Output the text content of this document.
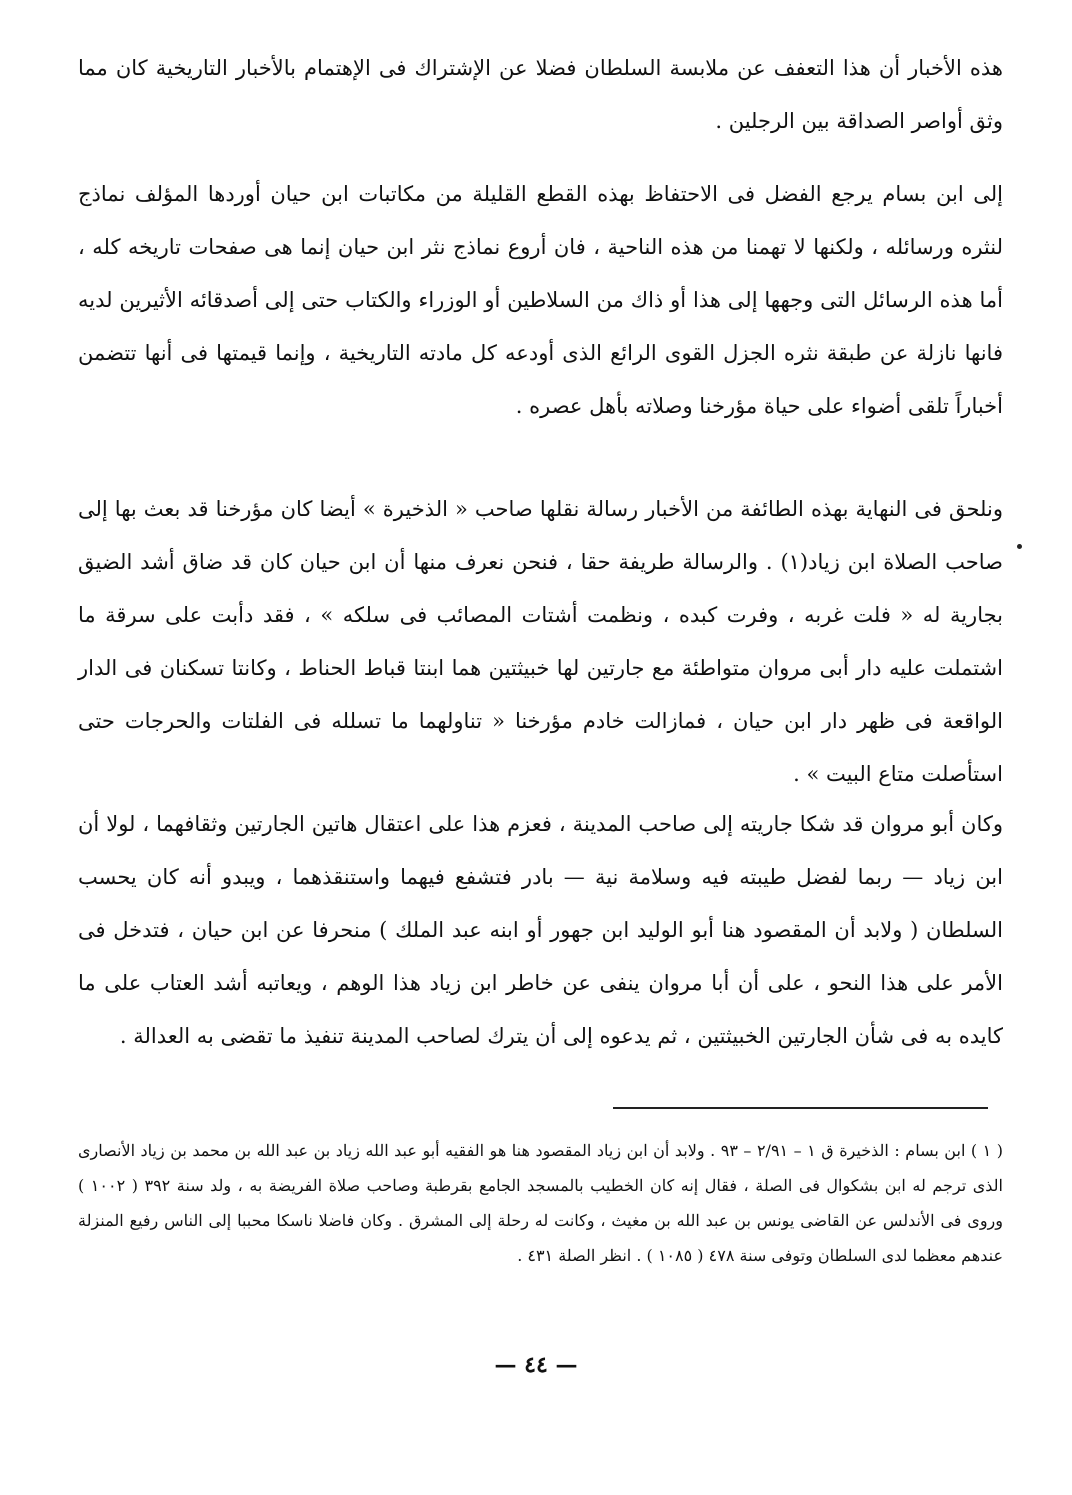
هذه الأخبار أن هذا التعفف عن ملابسة السلطان فضلا عن الإشتراك فى الإهتمام بالأخبار التاريخية كان مما وثق أواصر الصداقة بين الرجلين .

إلى ابن بسام يرجع الفضل فى الاحتفاظ بهذه القطع القليلة من مكاتبات ابن حيان أوردها المؤلف نماذج لنثره ورسائله ، ولكنها لا تهمنا من هذه الناحية ، فان أروع نماذج نثر ابن حيان إنما هى صفحات تاريخه كله ، أما هذه الرسائل التى وجهها إلى هذا أو ذاك من السلاطين أو الوزراء والكتاب حتى إلى أصدقائه الأثيرين لديه فانها نازلة عن طبقة نثره الجزل القوى الرائع الذى أودعه كل مادته التاريخية ، وإنما قيمتها فى أنها تتضمن أخباراً تلقى أضواء على حياة مؤرخنا وصلاته بأهل عصره .

ونلحق فى النهاية بهذه الطائفة من الأخبار رسالة نقلها صاحب « الذخيرة » أيضا كان مؤرخنا قد بعث بها إلى صاحب الصلاة ابن زياد(١) . والرسالة طريفة حقا ، فنحن نعرف منها أن ابن حيان كان قد ضاق أشد الضيق بجارية له « فلت غربه ، وفرت كبده ، ونظمت أشتات المصائب فى سلكه » ، فقد دأبت على سرقة ما اشتملت عليه دار أبى مروان متواطئة مع جارتين لها خبيثتين هما ابنتا قباط الحناط ، وكانتا تسكنان فى الدار الواقعة فى ظهر دار ابن حيان ، فمازالت خادم مؤرخنا « تناولهما ما تسلله فى الفلتات والحرجات حتى استأصلت متاع البيت » .

وكان أبو مروان قد شكا جاريته إلى صاحب المدينة ، فعزم هذا على اعتقال هاتين الجارتين وثقافهما ، لولا أن ابن زياد — ربما لفضل طيبته فيه وسلامة نية — بادر فتشفع فيهما واستنقذهما ، ويبدو أنه كان يحسب السلطان ( ولابد أن المقصود هنا أبو الوليد ابن جهور أو ابنه عبد الملك ) منحرفا عن ابن حيان ، فتدخل فى الأمر على هذا النحو ، على أن أبا مروان ينفى عن خاطر ابن زياد هذا الوهم ، ويعاتبه أشد العتاب على ما كايده به فى شأن الجارتين الخبيثتين ، ثم يدعوه إلى أن يترك لصاحب المدينة تنفيذ ما تقضى به العدالة .

( ١ ) ابن بسام : الذخيرة ق ١ – ٢/٩١ – ٩٣ . ولابد أن ابن زياد المقصود هنا هو الفقيه أبو عبد الله زياد بن عبد الله بن محمد بن زياد الأنصارى الذى ترجم له ابن بشكوال فى الصلة ، فقال إنه كان الخطيب بالمسجد الجامع بقرطبة وصاحب صلاة الفريضة به ، ولد سنة ٣٩٢ ( ١٠٠٢ ) وروى فى الأندلس عن القاضى يونس بن عبد الله بن مغيث ، وكانت له رحلة إلى المشرق . وكان فاضلا ناسكا محببا إلى الناس رفيع المنزلة عندهم معظما لدى السلطان وتوفى سنة ٤٧٨ ( ١٠٨٥ ) . انظر الصلة ٤٣١ .

— ٤٤ —
